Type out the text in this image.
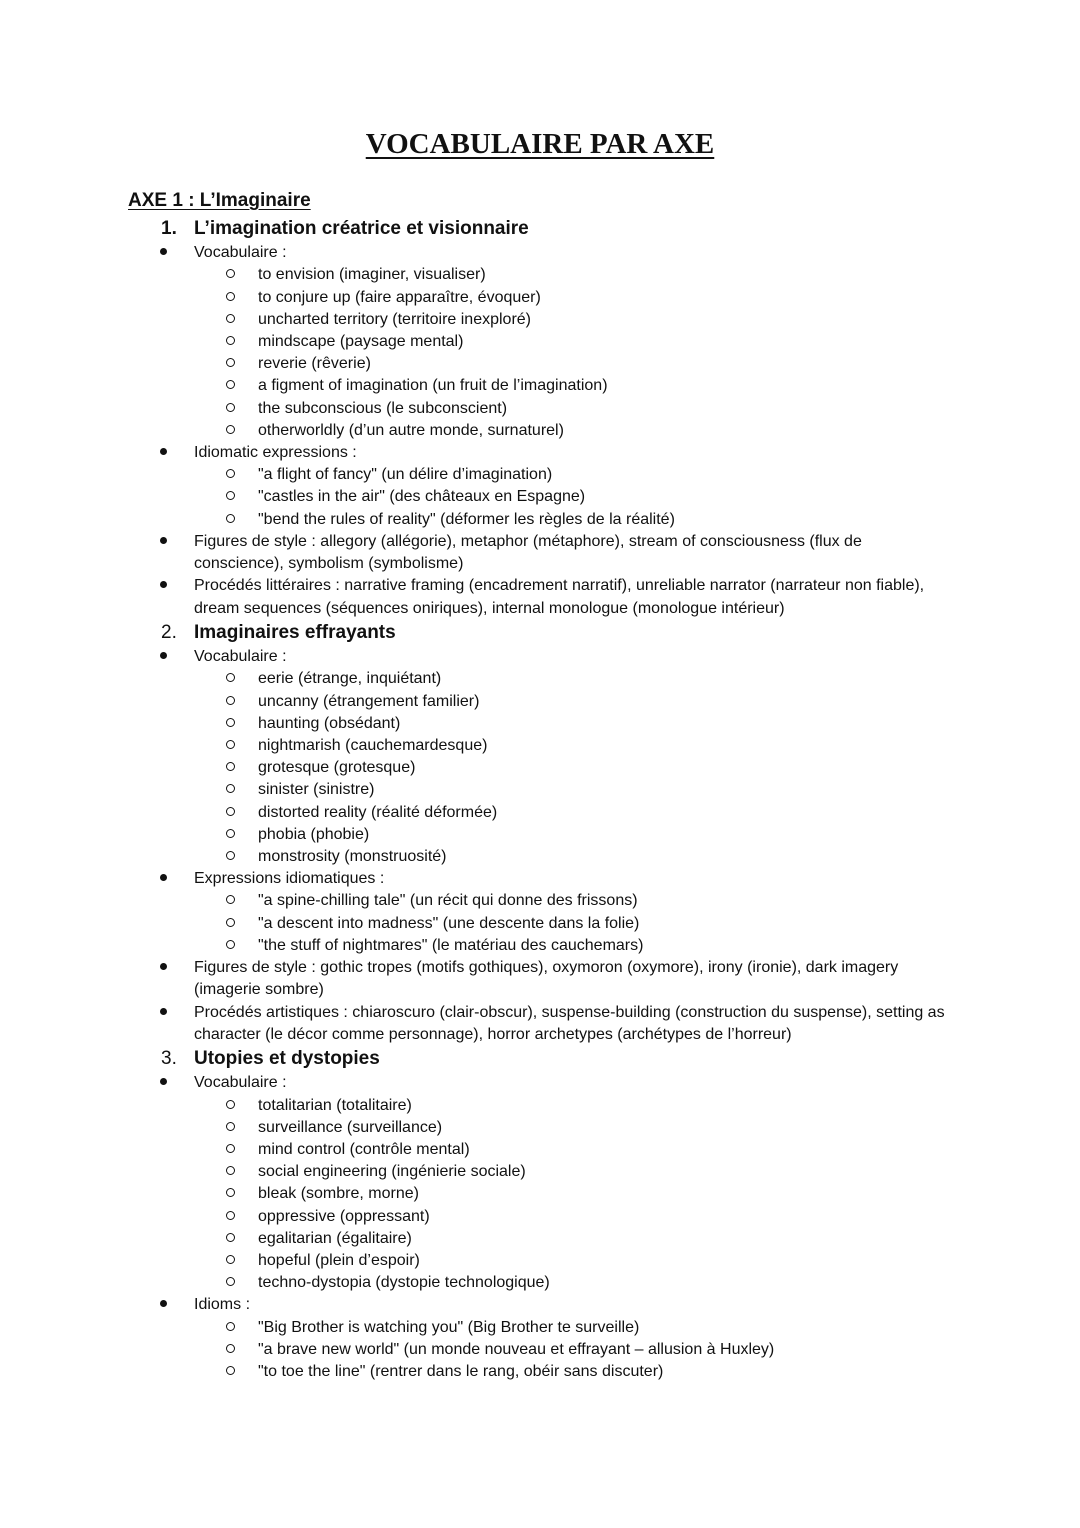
VOCABULAIRE PAR AXE
AXE 1 : L’Imaginaire
1. L’imagination créatrice et visionnaire
Vocabulaire :
to envision (imaginer, visualiser)
to conjure up (faire apparaître, évoquer)
uncharted territory (territoire inexploré)
mindscape (paysage mental)
reverie (rêverie)
a figment of imagination (un fruit de l’imagination)
the subconscious (le subconscient)
otherworldly (d’un autre monde, surnaturel)
Idiomatic expressions :
"a flight of fancy" (un délire d’imagination)
"castles in the air" (des châteaux en Espagne)
"bend the rules of reality" (déformer les règles de la réalité)
Figures de style : allegory (allégorie), metaphor (métaphore), stream of consciousness (flux de conscience), symbolism (symbolisme)
Procédés littéraires : narrative framing (encadrement narratif), unreliable narrator (narrateur non fiable), dream sequences (séquences oniriques), internal monologue (monologue intérieur)
2. Imaginaires effrayants
Vocabulaire :
eerie (étrange, inquiétant)
uncanny (étrangement familier)
haunting (obsédant)
nightmarish (cauchemardesque)
grotesque (grotesque)
sinister (sinistre)
distorted reality (réalité déformée)
phobia (phobie)
monstrosity (monstruosité)
Expressions idiomatiques :
"a spine-chilling tale" (un récit qui donne des frissons)
"a descent into madness" (une descente dans la folie)
"the stuff of nightmares" (le matériau des cauchemars)
Figures de style : gothic tropes (motifs gothiques), oxymoron (oxymore), irony (ironie), dark imagery (imagerie sombre)
Procédés artistiques : chiaroscuro (clair-obscur), suspense-building (construction du suspense), setting as character (le décor comme personnage), horror archetypes (archétypes de l’horreur)
3. Utopies et dystopies
Vocabulaire :
totalitarian (totalitaire)
surveillance (surveillance)
mind control (contrôle mental)
social engineering (ingénierie sociale)
bleak (sombre, morne)
oppressive (oppressant)
egalitarian (égalitaire)
hopeful (plein d’espoir)
techno-dystopia (dystopie technologique)
Idioms :
"Big Brother is watching you" (Big Brother te surveille)
"a brave new world" (un monde nouveau et effrayant – allusion à Huxley)
"to toe the line" (rentrer dans le rang, obéir sans discuter)
